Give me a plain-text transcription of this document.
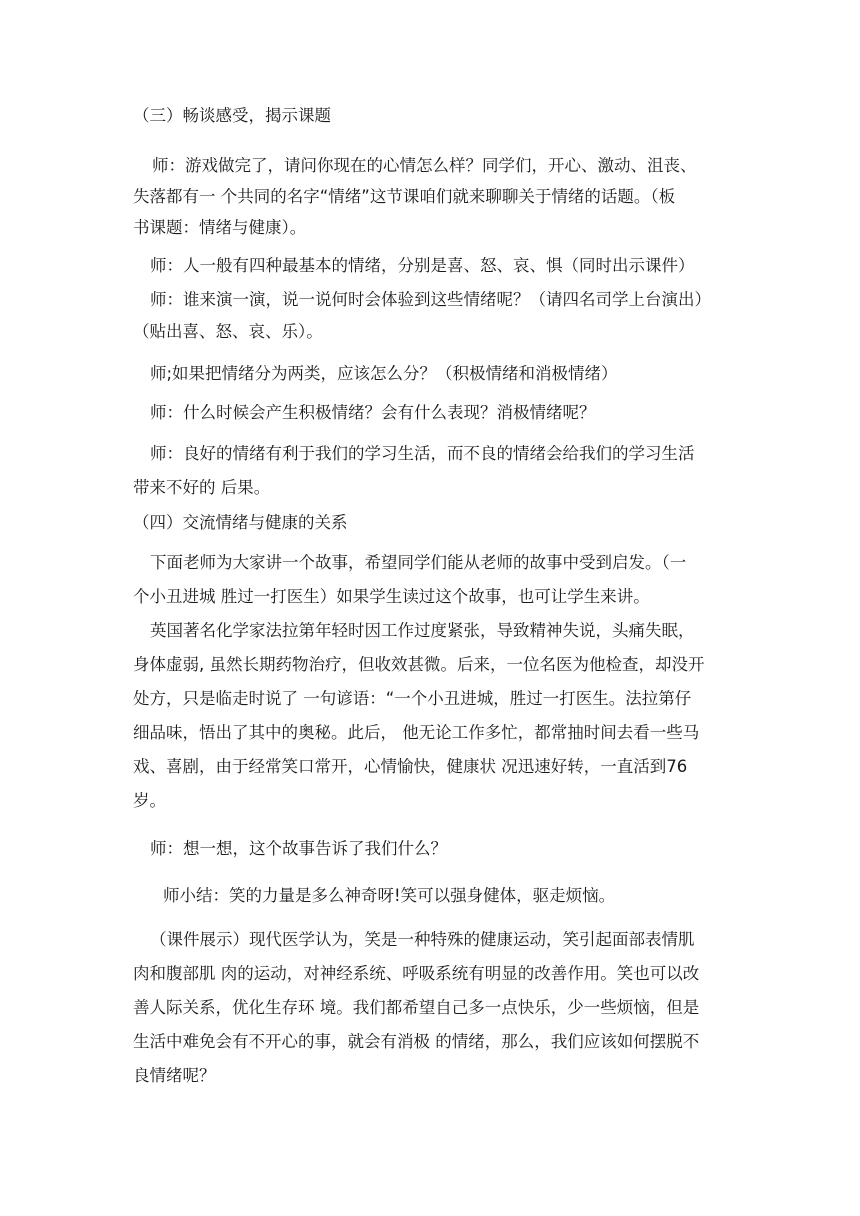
（三）畅谈感受，揭示课题
师：游戏做完了，请问你现在的心情怎么样？同学们，开心、激动、沮丧、
失落都有一 个共同的名字“情绪”这节课咱们就来聊聊关于情绪的话题。（板
书课题：情绪与健康）。
师：人一般有四种最基本的情绪，分别是喜、怒、哀、惧（同时出示课件）
师：谁来演一演，说一说何时会体验到这些情绪呢？（请四名司学上台演出）
（贴出喜、怒、哀、乐）。
师;如果把情绪分为两类，应该怎么分？（积极情绪和消极情绪）
师：什么时候会产生积极情绪？会有什么表现？消极情绪呢？
师：良好的情绪有利于我们的学习生活，而不良的情绪会给我们的学习生活
带来不好的 后果。
（四）交流情绪与健康的关系
下面老师为大家讲一个故事，希望同学们能从老师的故事中受到启发。（一
个小丑进城 胜过一打医生）如果学生读过这个故事，也可让学生来讲。
英国著名化学家法拉第年轻时因工作过度紧张，导致精神失说，头痛失眠，
身体虚弱, 虽然长期药物治疗，但收效甚微。后来，一位名医为他检查，却没开
处方，只是临走时说了 一句谚语：“一个小丑进城，胜过一打医生。法拉第仔
细品味，悟出了其中的奥秘。此后， 他无论工作多忙，都常抽时间去看一些马
戏、喜剧，由于经常笑口常开，心情愉快，健康状 况迅速好转，一直活到76
岁。
师：想一想，这个故事告诉了我们什么？
师小结：笑的力量是多么神奇呀!笑可以强身健体，驱走烦恼。
（课件展示）现代医学认为，笑是一种特殊的健康运动，笑引起面部表情肌
肉和腹部肌 肉的运动，对神经系统、呼吸系统有明显的改善作用。笑也可以改
善人际关系，优化生存环 境。我们都希望自己多一点快乐，少一些烦恼，但是
生活中难免会有不开心的事，就会有消极 的情绪，那么，我们应该如何摆脱不
良情绪呢？
